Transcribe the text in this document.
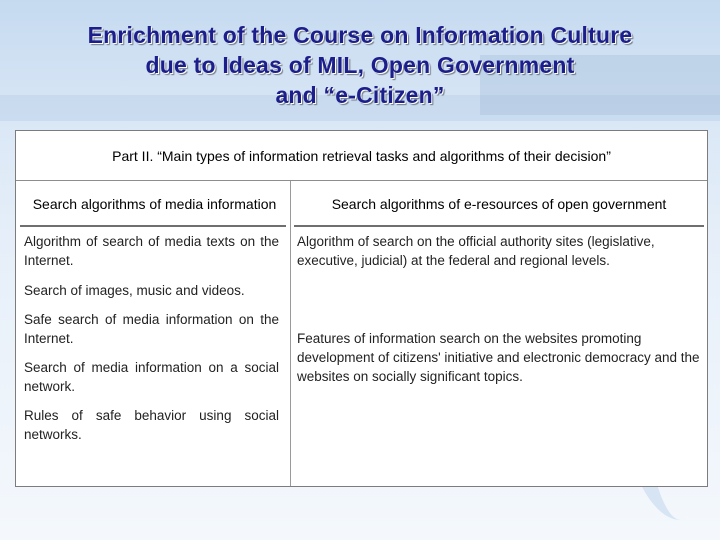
Enrichment of the Course on Information Culture
due to Ideas of MIL, Open Government
and “e-Citizen”
Part II. “Main types of information retrieval tasks and algorithms of their decision”
Search algorithms of media information	Search algorithms of e-resources of open government

Algorithm of search of media texts on the Internet.

Search of images, music and videos.

Safe search of media information on the Internet.

Search of media information on a social network.

Rules of safe behavior using social networks.

Algorithm of search on the official authority sites (legislative, executive, judicial) at the federal and regional levels.

Features of information search on the websites promoting development of citizens' initiative and electronic democracy and the websites on socially significant topics.
